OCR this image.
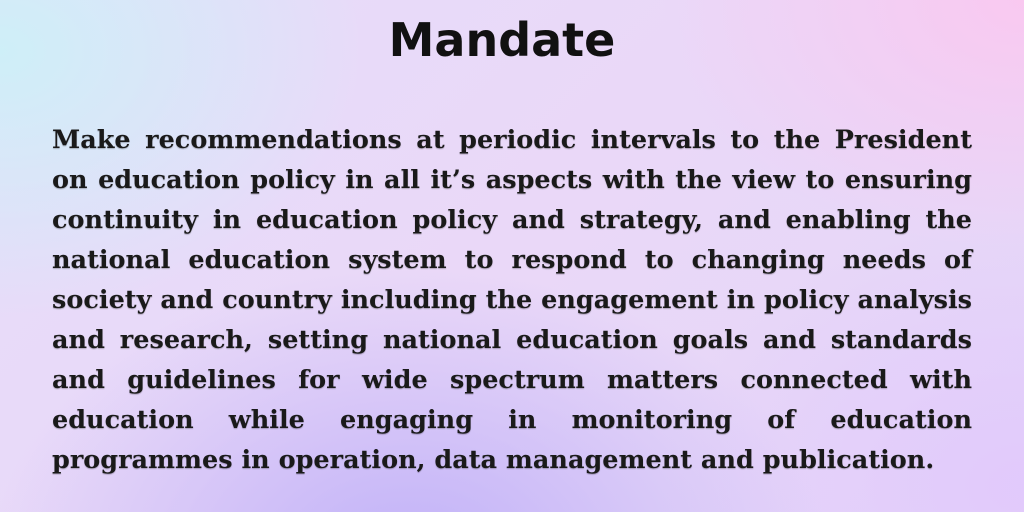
Mandate

Make recommendations at periodic intervals to the President on education policy in all it’s aspects with the view to ensuring continuity in education policy and strategy, and enabling the national education system to respond to changing needs of society and country including the engagement in policy analysis and research, setting national education goals and standards and guidelines for wide spectrum matters connected with education while engaging in monitoring of education programmes in operation, data management and publication.
